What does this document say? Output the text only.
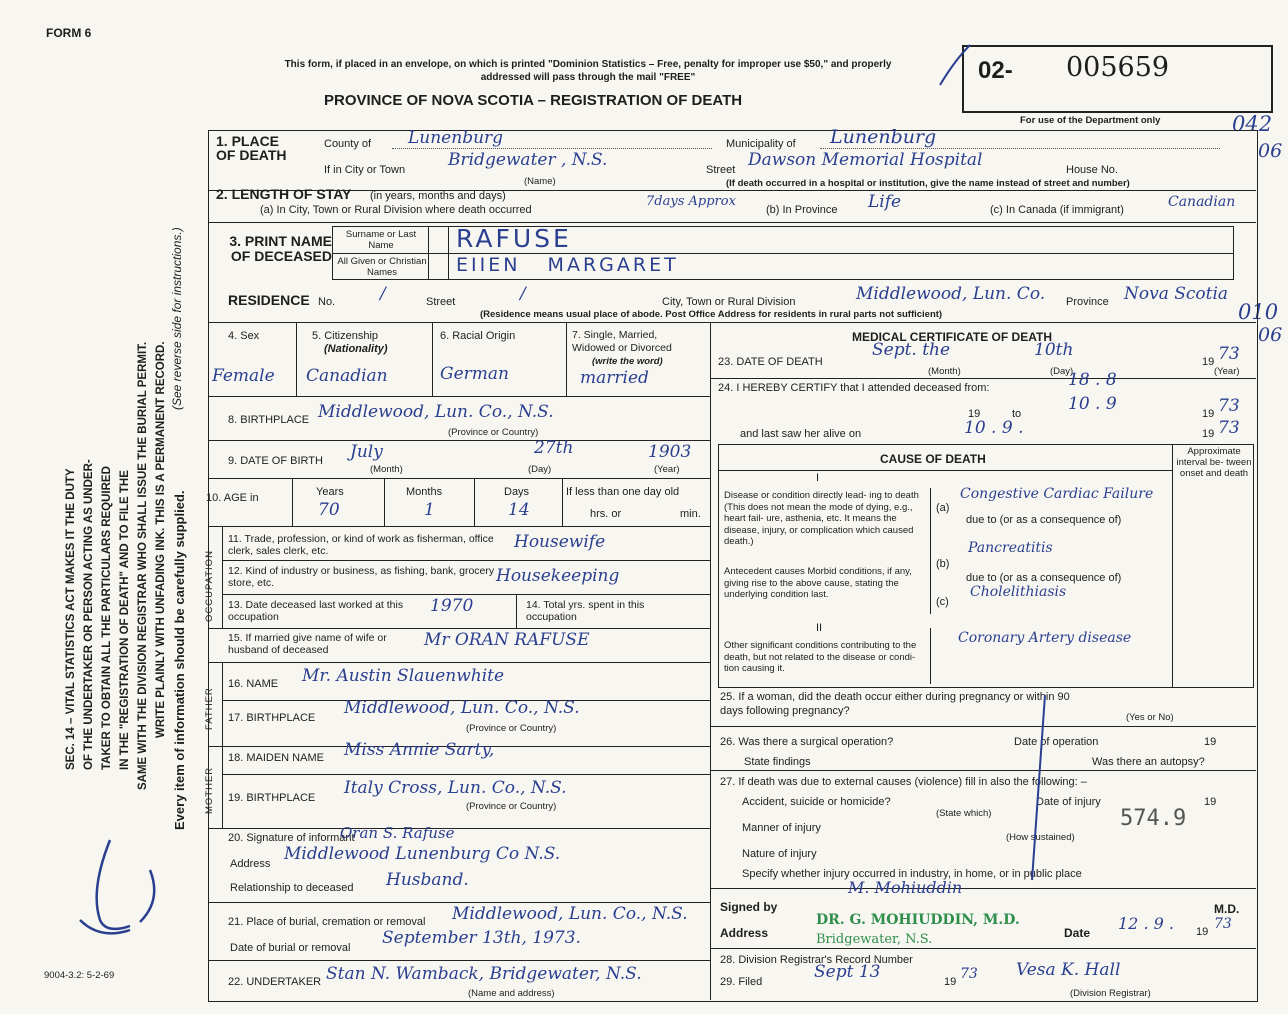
FORM 6
This form, if placed in an envelope, on which is printed "Dominion Statistics – Free, penalty for improper use $50," and properly addressed will pass through the mail "FREE"
PROVINCE OF NOVA SCOTIA – REGISTRATION OF DEATH
02- 005659
For use of the Department only	042
06
010
06
SEC. 14 – VITAL STATISTICS ACT MAKES IT THE DUTY OF THE UNDERTAKER OR PERSON ACTING AS UNDER- TAKER TO OBTAIN ALL THE PARTICULARS REQUIRED IN THE "REGISTRATION OF DEATH" AND TO FILE THE SAME WITH THE DIVISION REGISTRAR WHO SHALL ISSUE THE BURIAL PERMIT. WRITE PLAINLY WITH UNFADING INK. THIS IS A PERMANENT RECORD. Every item of information should be carefully supplied.
(See reverse side for instructions.)
9004-3.2: 5-2-69
1. PLACE OF DEATH
County of Lunenburg	Municipality of Lunenburg
If in City or Town	Bridgewater , N.S.
(Name)
Street Dawson Memorial Hospital	House No.
(If death occurred in a hospital or institution, give the name instead of street and number)
2. LENGTH OF STAY (in years, months and days)
(a) In City, Town or Rural Division where death occurred
7days Approx
(b) In Province Life	(c) In Canada (if immigrant)	Canadian
3. PRINT NAME OF DECEASED
Surname or Last Name
All Given or Christian Names
RAFUSE
EIIEN   MARGARET
RESIDENCE No.	/	Street	/	City, Town or Rural Division	Middlewood, Lun. Co. Province Nova Scotia
(Residence means usual place of abode. Post Office Address for residents in rural parts not sufficient)
4. Sex
Female
5. Citizenship
(Nationality)
Canadian
6. Racial Origin
German
7. Single, Married, Widowed or Divorced
(write the word)
married
8. BIRTHPLACE Middlewood, Lun. Co., N.S.
(Province or Country)
9. DATE OF BIRTH July	27th	1903
(Month)	(Day)	(Year)
10. AGE in	Years
70
Months
1
Days
14
If less than one day old
hrs. or	min.
OCCUPATION
11. Trade, profession, or kind of work as fisherman, office clerk, sales clerk, etc.	Housewife
12. Kind of industry or business, as fishing, bank, grocery store, etc.	Housekeeping
13. Date deceased last worked at this occupation
1970	14. Total yrs. spent in this occupation
15. If married give name of wife or husband of deceased	Mr ORAN RAFUSE
FATHER
16. NAME Mr. Austin Slauenwhite
17. BIRTHPLACE Middlewood, Lun. Co., N.S.
(Province or Country)
MOTHER
18. MAIDEN NAME Miss Annie Sarty,
19. BIRTHPLACE Italy Cross, Lun. Co., N.S.
(Province or Country)
20. Signature of informant
Oran S. Rafuse
Address Middlewood Lunenburg Co N.S.
Relationship to deceased Husband.
21. Place of burial, cremation or removal Middlewood, Lun. Co., N.S.
Date of burial or removal September 13th, 1973.
22. UNDERTAKER Stan N. Wamback, Bridgewater, N.S.
(Name and address)
MEDICAL CERTIFICATE OF DEATH
23. DATE OF DEATH
Sept. the	10th
19 73
(Month)	(Day)	(Year)
24. I HEREBY CERTIFY that I attended deceased from:	18 . 8
19	to	10 . 9	19 73
and last saw her alive on	10 . 9 .	19 73
CAUSE OF DEATH
Approximate interval be- tween onset and death
I
Disease or condition directly lead- ing to death (This does not mean the mode of dying, e.g., heart fail- ure, asthenia, etc. It means the disease, injury, or complication which caused death.)
(a)
Congestive Cardiac Failure
due to (or as a consequence of)
Antecedent causes Morbid conditions, if any, giving rise to the above cause, stating the underlying condition last.
(b)
Pancreatitis
due to (or as a consequence of)
(c)
Cholelithiasis
II
Other significant conditions contributing to the death, but not related to the disease or condi- tion causing it.
Coronary Artery disease
25. If a woman, did the death occur either during pregnancy or within 90 days following pregnancy?
(Yes or No)
26. Was there a surgical operation?	Date of operation	19
State findings	Was there an autopsy?
27. If death was due to external causes (violence) fill in also the following: –
Accident, suicide or homicide?
(State which)
Date of injury	19
Manner of injury	574.9
(How sustained)
Nature of injury
Specify whether injury occurred in industry, in home, or in public place
Signed by
M. Mohiuddin
M.D.
Address	Date 12 . 9 . 19 73
DR. G. MOHIUDDIN, M.D.
Bridgewater, N.S.
28. Division Registrar's Record Number
29. Filed	Sept 13	19 73 Vesa K. Hall
(Division Registrar)
